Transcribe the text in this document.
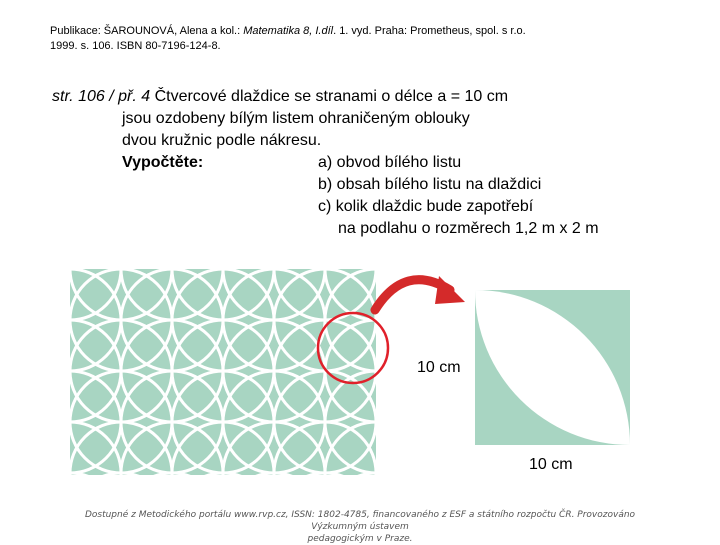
Publikace: ŠAROUNOVÁ, Alena a kol.: Matematika 8, I.díl. 1. vyd. Praha: Prometheus, spol. s r.o.
1999. s. 106. ISBN 80-7196-124-8.
str. 106 / př. 4 Čtvercové dlaždice se stranami o délce a = 10 cm
jsou ozdobeny bílým listem ohraničeným oblouky
dvou kružnic podle nákresu.
Vypočtěte:	a) obvod bílého listu
b) obsah bílého listu na dlaždici
c) kolik dlaždic bude zapotřebí
na podlahu o rozměrech 1,2 m x 2 m
10 cm
10 cm
Dostupné z Metodického portálu www.rvp.cz, ISSN: 1802-4785, financovaného z ESF a státního rozpočtu ČR. Provozováno Výzkumným ústavem
pedagogickým v Praze.
